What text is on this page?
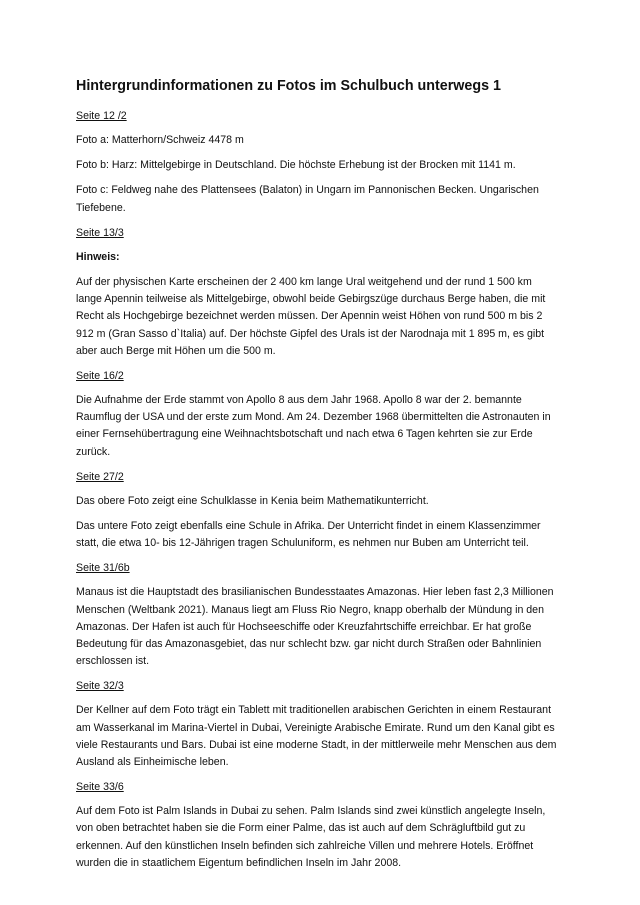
Hintergrundinformationen zu Fotos im Schulbuch unterwegs 1
Seite 12 /2

Foto a: Matterhorn/Schweiz 4478 m

Foto b: Harz: Mittelgebirge in Deutschland. Die höchste Erhebung ist der Brocken mit 1141 m.

Foto c: Feldweg nahe des Plattensees (Balaton) in Ungarn im Pannonischen Becken. Ungarischen Tiefebene.

Seite 13/3

Hinweis:

Auf der physischen Karte erscheinen der 2 400 km lange Ural weitgehend und der rund 1 500 km lange Apennin teilweise als Mittelgebirge, obwohl beide Gebirgszüge durchaus Berge haben, die mit Recht als Hochgebirge bezeichnet werden müssen. Der Apennin weist Höhen von rund 500 m bis 2 912 m (Gran Sasso d`Italia) auf. Der höchste Gipfel des Urals ist der Narodnaja mit 1 895 m, es gibt aber auch Berge mit Höhen um die 500 m.

Seite 16/2

Die Aufnahme der Erde stammt von Apollo 8 aus dem Jahr 1968. Apollo 8 war der 2. bemannte Raumflug der USA und der erste zum Mond. Am 24. Dezember 1968 übermittelten die Astronauten in einer Fernsehübertragung eine Weihnachtsbotschaft und nach etwa 6 Tagen kehrten sie zur Erde zurück.

Seite 27/2

Das obere Foto zeigt eine Schulklasse in Kenia beim Mathematikunterricht.

Das untere Foto zeigt ebenfalls eine Schule in Afrika. Der Unterricht findet in einem Klassenzimmer statt, die etwa 10- bis 12-Jährigen tragen Schuluniform, es nehmen nur Buben am Unterricht teil.

Seite 31/6b

Manaus ist die Hauptstadt des brasilianischen Bundesstaates Amazonas. Hier leben fast 2,3 Millionen Menschen (Weltbank 2021). Manaus liegt am Fluss Rio Negro, knapp oberhalb der Mündung in den Amazonas. Der Hafen ist auch für Hochseeschiffe oder Kreuzfahrtschiffe erreichbar. Er hat große Bedeutung für das Amazonasgebiet, das nur schlecht bzw. gar nicht durch Straßen oder Bahnlinien erschlossen ist.

Seite 32/3

Der Kellner auf dem Foto trägt ein Tablett mit traditionellen arabischen Gerichten in einem Restaurant am Wasserkanal im Marina-Viertel in Dubai, Vereinigte Arabische Emirate. Rund um den Kanal gibt es viele Restaurants und Bars. Dubai ist eine moderne Stadt, in der mittlerweile mehr Menschen aus dem Ausland als Einheimische leben.

Seite 33/6

Auf dem Foto ist Palm Islands in Dubai zu sehen. Palm Islands sind zwei künstlich angelegte Inseln, von oben betrachtet haben sie die Form einer Palme, das ist auch auf dem Schrägluftbild gut zu erkennen. Auf den künstlichen Inseln befinden sich zahlreiche Villen und mehrere Hotels. Eröffnet wurden die in staatlichem Eigentum befindlichen Inseln im Jahr 2008.
